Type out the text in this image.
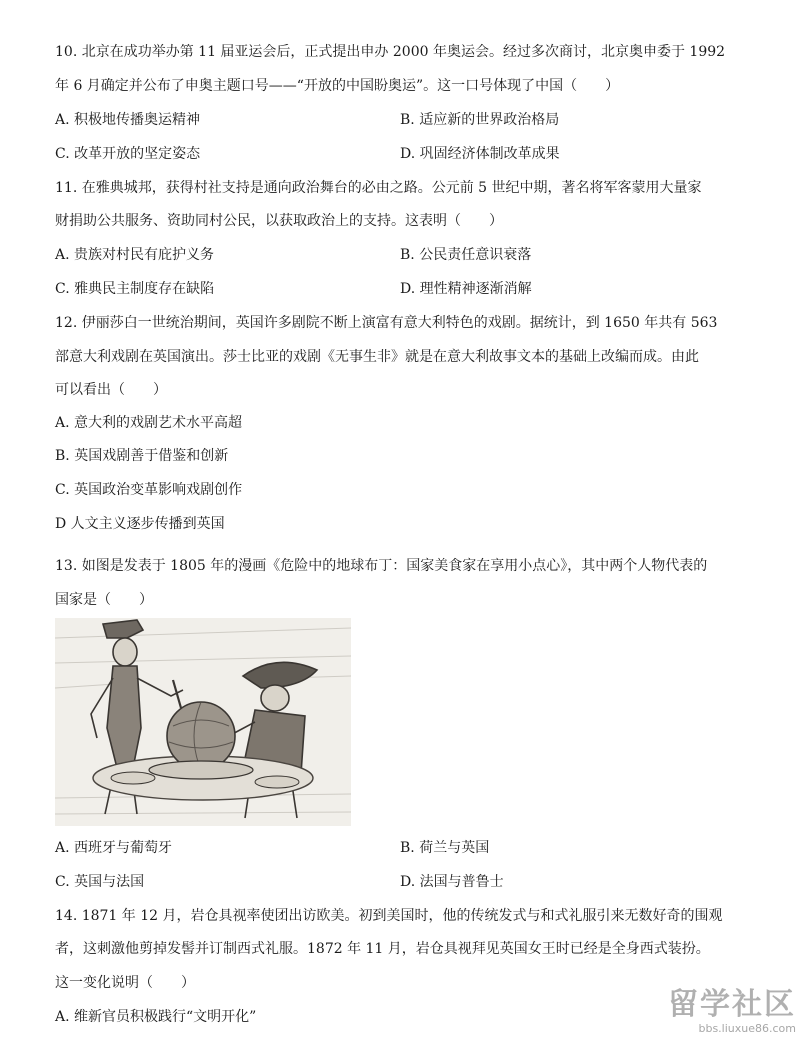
10. 北京在成功举办第 11 届亚运会后，正式提出申办 2000 年奥运会。经过多次商讨，北京奥申委于 1992
年 6 月确定并公布了申奥主题口号——“开放的中国盼奥运”。这一口号体现了中国（　　）
A. 积极地传播奥运精神	B. 适应新的世界政治格局
C. 改革开放的坚定姿态	D. 巩固经济体制改革成果
11. 在雅典城邦，获得村社支持是通向政治舞台的必由之路。公元前 5 世纪中期，著名将军客蒙用大量家
财捐助公共服务、资助同村公民，以获取政治上的支持。这表明（　　）
A. 贵族对村民有庇护义务	B. 公民责任意识衰落
C. 雅典民主制度存在缺陷	D. 理性精神逐渐消解
12. 伊丽莎白一世统治期间，英国许多剧院不断上演富有意大利特色的戏剧。据统计，到 1650 年共有 563
部意大利戏剧在英国演出。莎士比亚的戏剧《无事生非》就是在意大利故事文本的基础上改编而成。由此
可以看出（　　）
A. 意大利的戏剧艺术水平高超
B. 英国戏剧善于借鉴和创新
C. 英国政治变革影响戏剧创作
D 人文主义逐步传播到英国
13. 如图是发表于 1805 年的漫画《危险中的地球布丁：国家美食家在享用小点心》，其中两个人物代表的
国家是（　　）
A. 西班牙与葡萄牙	B. 荷兰与英国
C. 英国与法国	D. 法国与普鲁士
14. 1871 年 12 月，岩仓具视率使团出访欧美。初到美国时，他的传统发式与和式礼服引来无数好奇的围观
者，这刺激他剪掉发髻并订制西式礼服。1872 年 11 月，岩仓具视拜见英国女王时已经是全身西式装扮。
这一变化说明（　　）
A. 维新官员积极践行“文明开化”	留学社区
bbs.liuxue86.com
